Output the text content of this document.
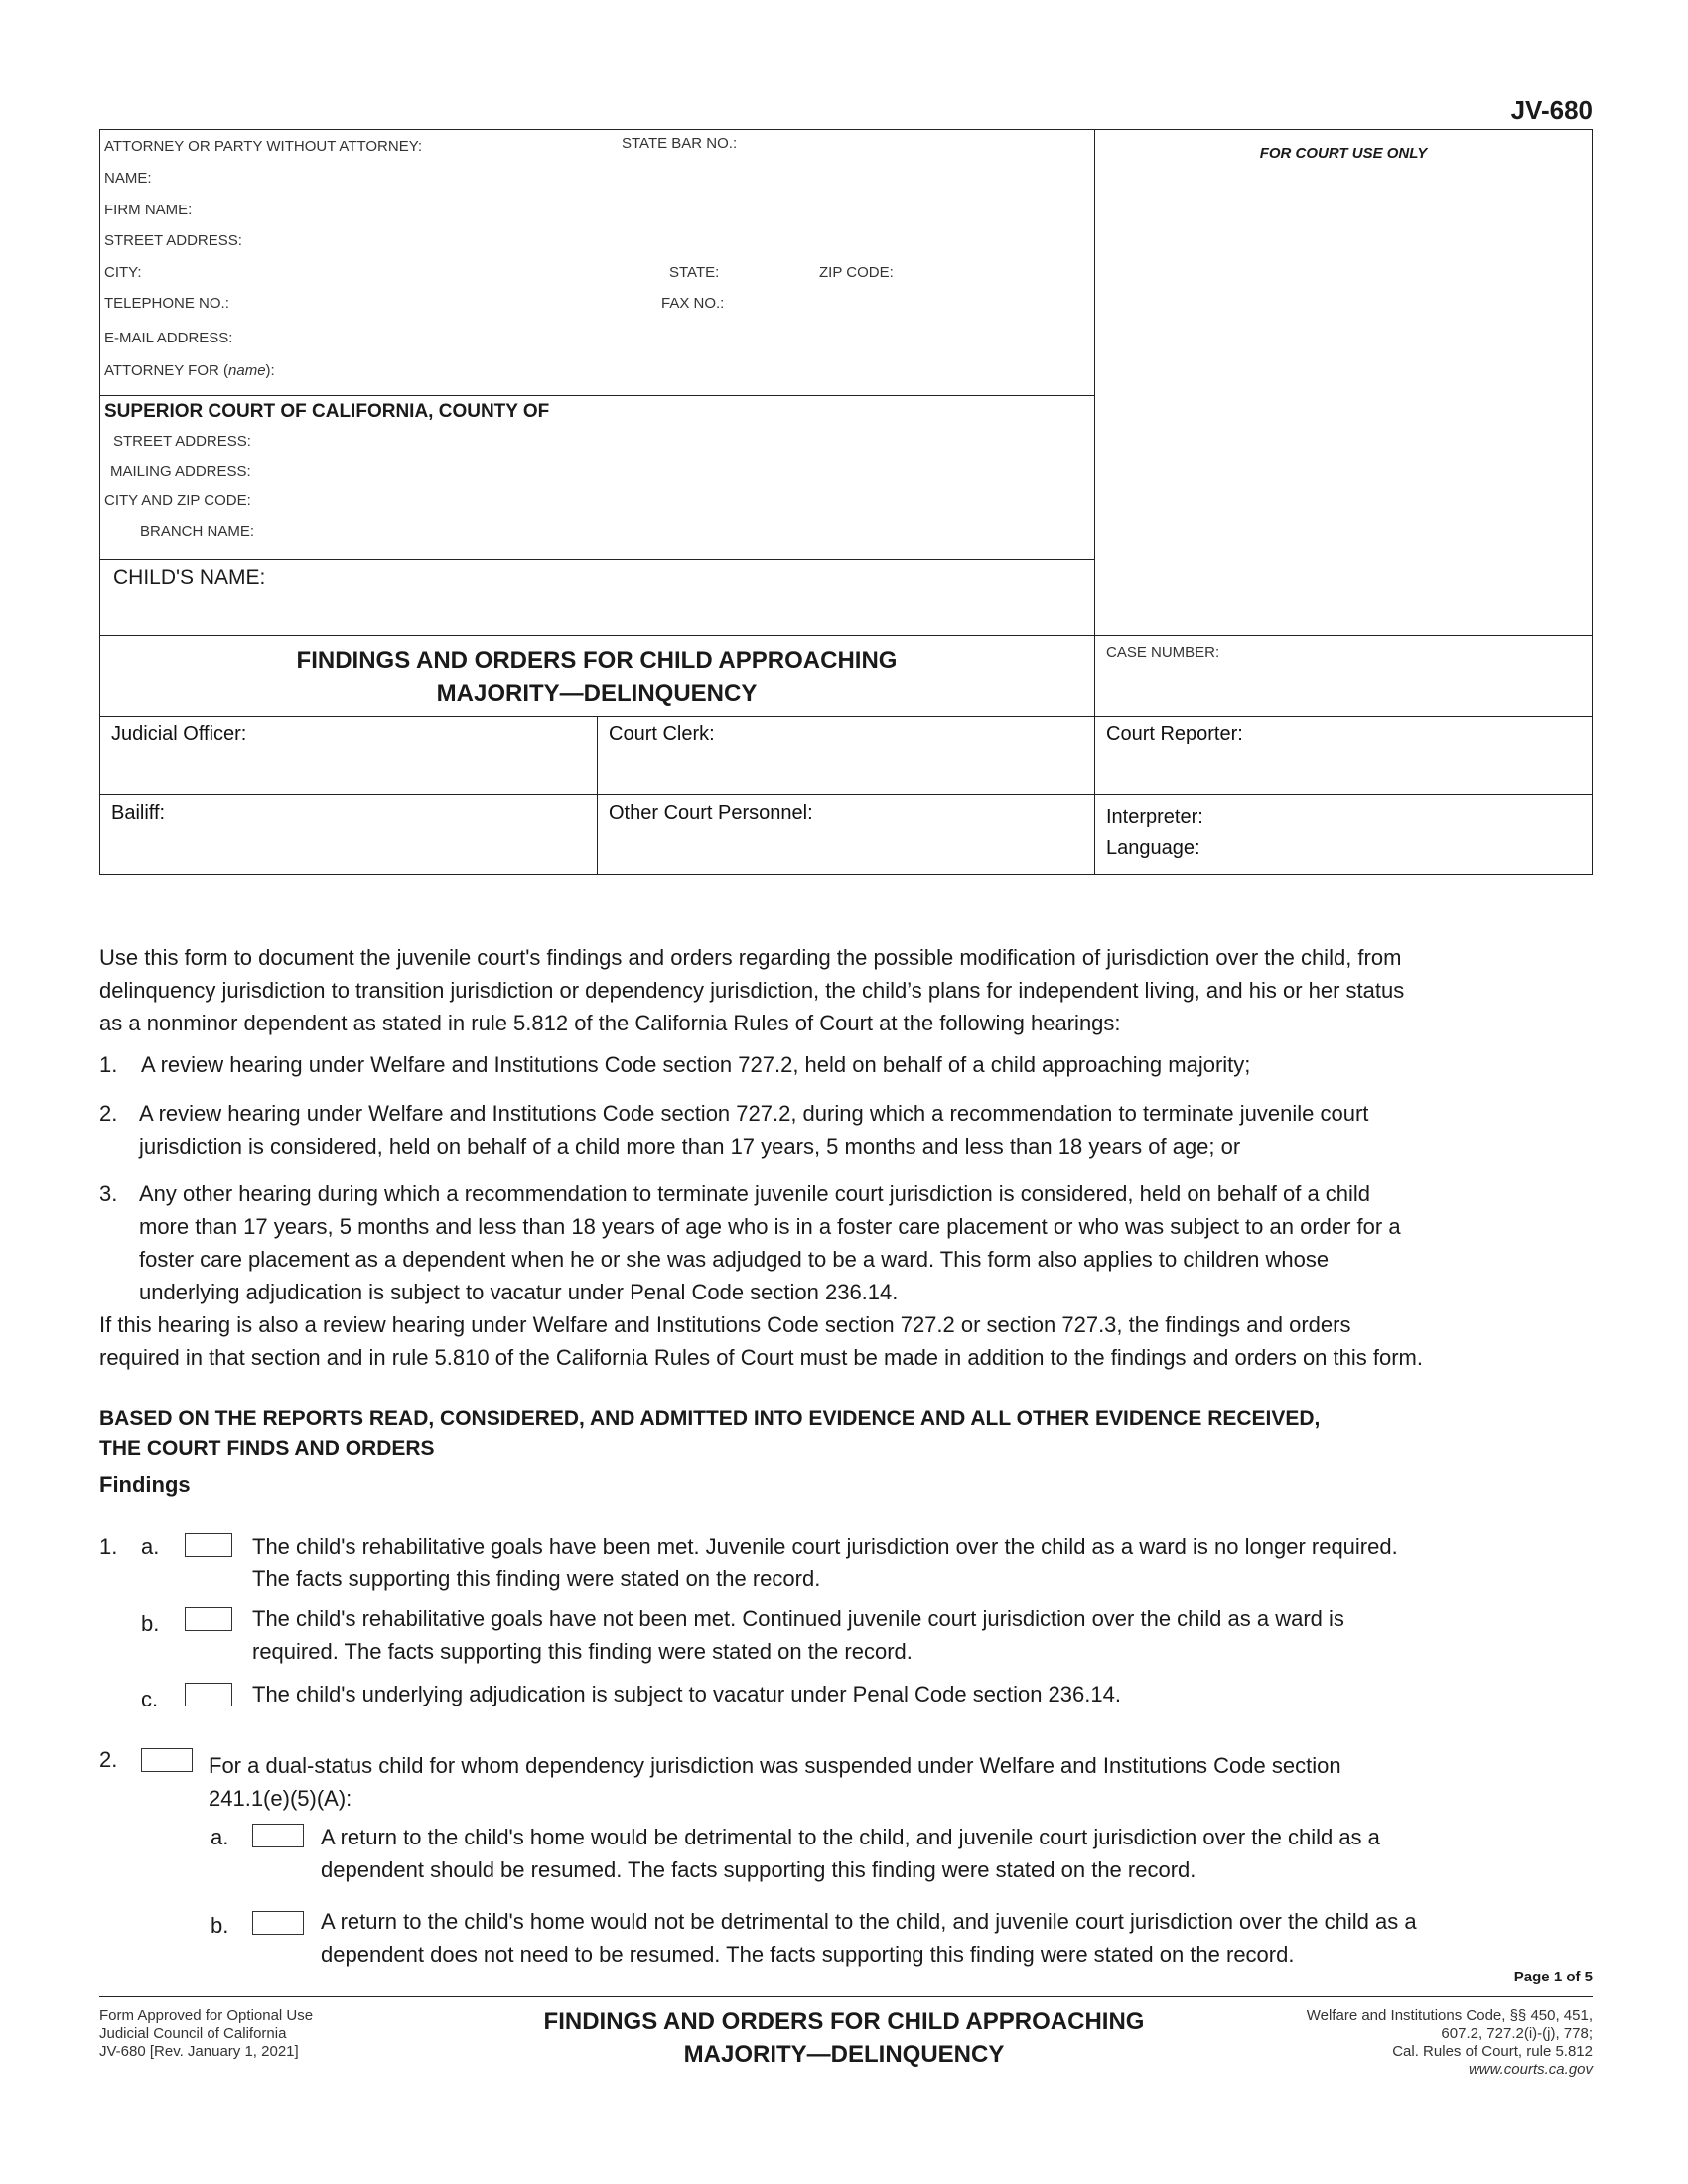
JV-680
ATTORNEY OR PARTY WITHOUT ATTORNEY:	STATE BAR NO.:
NAME:
FIRM NAME:
STREET ADDRESS:
CITY:	STATE:	ZIP CODE:
TELEPHONE NO.:	FAX NO.:
E-MAIL ADDRESS:
ATTORNEY FOR (name):
FOR COURT USE ONLY
SUPERIOR COURT OF CALIFORNIA, COUNTY OF
STREET ADDRESS:
MAILING ADDRESS:
CITY AND ZIP CODE:
BRANCH NAME:
CHILD'S NAME:
FINDINGS AND ORDERS FOR CHILD APPROACHING
MAJORITY—DELINQUENCY
CASE NUMBER:
Judicial Officer:	Court Clerk:	Court Reporter:
Bailiff:	Other Court Personnel:	Interpreter:
Language:
Use this form to document the juvenile court's findings and orders regarding the possible modification of jurisdiction over the child, from
delinquency jurisdiction to transition jurisdiction or dependency jurisdiction, the child’s plans for independent living, and his or her status
as a nonminor dependent as stated in rule 5.812 of the California Rules of Court at the following hearings:
1. A review hearing under Welfare and Institutions Code section 727.2, held on behalf of a child approaching majority;
2. A review hearing under Welfare and Institutions Code section 727.2, during which a recommendation to terminate juvenile court
jurisdiction is considered, held on behalf of a child more than 17 years, 5 months and less than 18 years of age; or
3. Any other hearing during which a recommendation to terminate juvenile court jurisdiction is considered, held on behalf of a child
more than 17 years, 5 months and less than 18 years of age who is in a foster care placement or who was subject to an order for a
foster care placement as a dependent when he or she was adjudged to be a ward. This form also applies to children whose
underlying adjudication is subject to vacatur under Penal Code section 236.14.
If this hearing is also a review hearing under Welfare and Institutions Code section 727.2 or section 727.3, the findings and orders
required in that section and in rule 5.810 of the California Rules of Court must be made in addition to the findings and orders on this form.
BASED ON THE REPORTS READ, CONSIDERED, AND ADMITTED INTO EVIDENCE AND ALL OTHER EVIDENCE RECEIVED,
THE COURT FINDS AND ORDERS
Findings
1. a.	The child's rehabilitative goals have been met. Juvenile court jurisdiction over the child as a ward is no longer required.
The facts supporting this finding were stated on the record.
b.	The child's rehabilitative goals have not been met. Continued juvenile court jurisdiction over the child as a ward is
required. The facts supporting this finding were stated on the record.
c.	The child's underlying adjudication is subject to vacatur under Penal Code section 236.14.
2.	For a dual-status child for whom dependency jurisdiction was suspended under Welfare and Institutions Code section
241.1(e)(5)(A):
a.	A return to the child's home would be detrimental to the child, and juvenile court jurisdiction over the child as a
dependent should be resumed. The facts supporting this finding were stated on the record.
b.	A return to the child's home would not be detrimental to the child, and juvenile court jurisdiction over the child as a
dependent does not need to be resumed. The facts supporting this finding were stated on the record.
Page 1 of 5
Form Approved for Optional Use
Judicial Council of California
JV-680 [Rev. January 1, 2021]
FINDINGS AND ORDERS FOR CHILD APPROACHING
MAJORITY—DELINQUENCY
Welfare and Institutions Code, §§ 450, 451,
607.2, 727.2(i)-(j), 778;
Cal. Rules of Court, rule 5.812
www.courts.ca.gov
